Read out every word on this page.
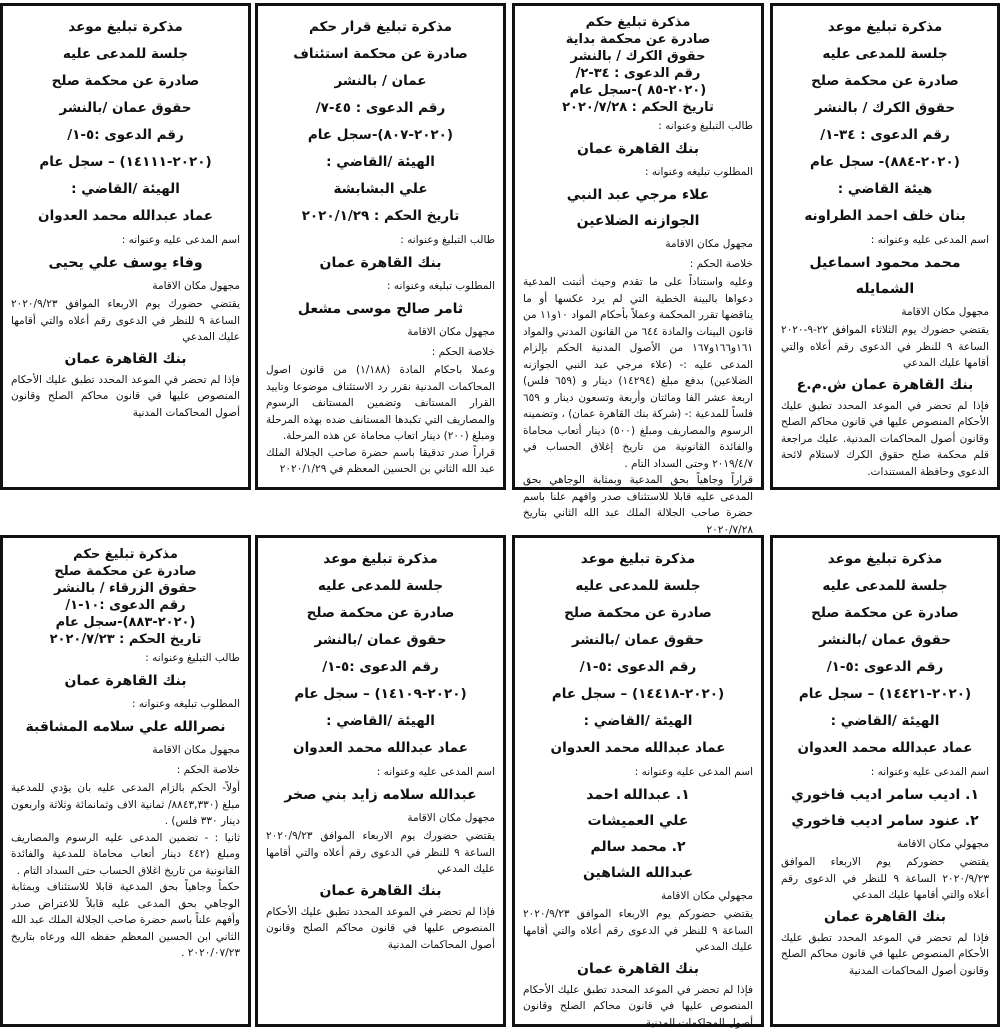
مذكرة تبليغ موعد
جلسة للمدعى عليه
صادرة عن محكمة صلح
حقوق الكرك / بالنشر
رقم الدعوى : ٣٤-١/
(٢٠٢٠-٨٨٤)- سجل عام
هيئة القاضي :
بنان خلف احمد الطراونه
اسم المدعى عليه وعنوانه :
محمد محمود اسماعيل
الشمايله
مجهول مكان الاقامة
يقتضي حضورك يوم الثلاثاء الموافق ٢٢-٩-٢٠٢٠ الساعة ٩ للنظر في الدعوى رقم أعلاه والتي أقامها عليك المدعي
بنك القاهرة عمان ش.م.ع
فإذا لم تحضر في الموعد المحدد تطبق عليك الأحكام المنصوص عليها في قانون محاكم الصلح وقانون أصول المحاكمات المدنية. عليك مراجعة قلم محكمة صلح حقوق الكرك لاستلام لائحة الدعوى وحافظة المستندات.
مذكرة تبليغ حكم
صادرة عن محكمة بداية
حقوق الكرك / بالنشر
رقم الدعوى : ٣٤-٢/
(٢٠٢٠-٨٥ )-سجل عام
تاريخ الحكم : ٢٠٢٠/٧/٢٨
طالب التبليغ وعنوانه :
بنك القاهرة عمان
المطلوب تبليغه وعنوانه :
علاء مرجي عبد النبي
الجوازنه الضلاعين
مجهول مكان الاقامة
خلاصة الحكم :
وعليه واستناداً على ما تقدم وحيث أثبتت المدعية دعواها بالبينة الخطية التي لم يرد عكسها أو ما يناقضها تقرر المحكمة وعملاً بأحكام المواد ١٠و١١ من قانون البينات والمادة ٦٤٤ من القانون المدني والمواد ١٦١و١٦٦و١٦٧ من الأصول المدنية الحكم بإلزام المدعى عليه :- (علاء مرجي عبد النبي الجوازنه الضلاعين) بدفع مبلغ (١٤٢٩٤) دينار و (٦٥٩ فلس) اربعة عشر الفا ومائتان وأربعة وتسعون دينار و ٦٥٩ فلساً للمدعية :- (شركة بنك القاهرة عمان) ، وتضمينه الرسوم والمصاريف ومبلغ (٥٠٠) دينار أتعاب محاماة والفائدة القانونية من تاريخ إغلاق الحساب في ٢٠١٩/٤/٧ وحتى السداد التام .
قراراً وجاهياً بحق المدعية وبمثابة الوجاهي بحق المدعى عليه قابلا للاستئناف صدر وافهم علنا باسم حضرة صاحب الجلالة الملك عبد الله الثاني بتاريخ ٢٠٢٠/٧/٢٨
مذكرة تبليغ قرار حكم
صادرة عن محكمة استئناف
عمان / بالنشر
رقم الدعوى : ٤٥-٧/
(٢٠٢٠-٨٠٧)-سجل عام
الهيئة /القاضي :
علي البشابشة
تاريخ الحكم : ٢٠٢٠/١/٢٩
طالب التبليغ وعنوانه :
بنك القاهرة عمان
المطلوب تبليغه وعنوانه :
ثامر صالح موسى مشعل
مجهول مكان الاقامة
خلاصة الحكم :
وعملا باحكام المادة (١/١٨٨) من قانون اصول المحاكمات المدنية نقرر رد الاستئناف موضوعا وتاييد القرار المستانف وتضمين المستانف الرسوم والمصاريف التي تكبدها المستانف ضده بهذه المرحلة ومبلغ (٢٠٠) دينار اتعاب محاماة عن هذه المرحلة.
قراراً صدر تدقيقا باسم حضرة صاحب الجلالة الملك عبد الله الثاني بن الحسين المعظم في ٢٠٢٠/١/٢٩
مذكرة تبليغ موعد
جلسة للمدعى عليه
صادرة عن محكمة صلح
حقوق عمان /بالنشر
رقم الدعوى :٥-١/
(٢٠٢٠-١٤١١١) – سجل عام
الهيئة /القاضي :
عماد عبدالله محمد العدوان
اسم المدعى عليه وعنوانه :
وفاء يوسف علي يحيى
مجهول مكان الاقامة
يقتضي حضورك يوم الاربعاء الموافق ٢٠٢٠/٩/٢٣ الساعة ٩ للنظر في الدعوى رقم أعلاه والتي أقامها عليك المدعي
بنك القاهرة عمان
فإذا لم تحضر في الموعد المحدد تطبق عليك الأحكام المنصوص عليها في قانون محاكم الصلح وقانون أصول المحاكمات المدنية
مذكرة تبليغ موعد
جلسة للمدعى عليه
صادرة عن محكمة صلح
حقوق عمان /بالنشر
رقم الدعوى :٥-١/
(٢٠٢٠-١٤٤٢١) – سجل عام
الهيئة /القاضي :
عماد عبدالله محمد العدوان
اسم المدعى عليه وعنوانه :
١. اديب سامر اديب فاخوري
٢. عنود سامر اديب فاخوري
مجهولي مكان الاقامة
يقتضي حضوركم يوم الاربعاء الموافق ٢٠٢٠/٩/٢٣ الساعة ٩ للنظر في الدعوى رقم أعلاه والتي أقامها عليك المدعي
بنك القاهرة عمان
فإذا لم تحضر في الموعد المحدد تطبق عليك الأحكام المنصوص عليها في قانون محاكم الصلح وقانون أصول المحاكمات المدنية
مذكرة تبليغ موعد
جلسة للمدعى عليه
صادرة عن محكمة صلح
حقوق عمان /بالنشر
رقم الدعوى :٥-١/
(٢٠٢٠-١٤٤١٨) – سجل عام
الهيئة /القاضي :
عماد عبدالله محمد العدوان
اسم المدعى عليه وعنوانه :
١. عبدالله احمد
علي العميشات
٢. محمد سالم
عبدالله الشاهين
مجهولي مكان الاقامة
يقتضي حضوركم يوم الاربعاء الموافق ٢٠٢٠/٩/٢٣ الساعة ٩ للنظر في الدعوى رقم أعلاه والتي أقامها عليك المدعي
بنك القاهرة عمان
فإذا لم تحضر في الموعد المحدد تطبق عليك الأحكام المنصوص عليها في قانون محاكم الصلح وقانون أصول المحاكمات المدنية
مذكرة تبليغ موعد
جلسة للمدعى عليه
صادرة عن محكمة صلح
حقوق عمان /بالنشر
رقم الدعوى :٥-١/
(٢٠٢٠-١٤١٠٩) – سجل عام
الهيئة /القاضي :
عماد عبدالله محمد العدوان
اسم المدعى عليه وعنوانه :
عبدالله سلامه زايد بني صخر
مجهول مكان الاقامة
يقتضي حضورك يوم الاربعاء الموافق ٢٠٢٠/٩/٢٣ الساعة ٩ للنظر في الدعوى رقم أعلاه والتي أقامها عليك المدعي
بنك القاهرة عمان
فإذا لم تحضر في الموعد المحدد تطبق عليك الأحكام المنصوص عليها في قانون محاكم الصلح وقانون أصول المحاكمات المدنية
مذكرة تبليغ حكم
صادرة عن محكمة صلح
حقوق الزرقاء / بالنشر
رقم الدعوى :١٠-١/
(٢٠٢٠-٨٨٣)-سجل عام
تاريخ الحكم : ٢٠٢٠/٧/٢٣
طالب التبليغ وعنوانه :
بنك القاهرة عمان
المطلوب تبليغه وعنوانه :
نصرالله علي سلامه المشاقبة
مجهول مكان الاقامة
خلاصة الحكم :
أولاً- الحكم بالزام المدعى عليه بان يؤدي للمدعية مبلغ (٨٨٤٣,٣٣٠/ ثمانية الاف وثمانمائة وثلاثة واربعون دينار ٣٣٠ فلس) .
ثانيا : - تضمين المدعى عليه الرسوم والمصاريف ومبلغ (٤٤٢ دينار أتعاب محاماة للمدعية والفائدة القانونية من تاريخ اغلاق الحساب حتى السداد التام .
حكماً وجاهياً بحق المدعية قابلا للاستئناف وبمثابة الوجاهي بحق المدعى عليه قابلاً للاعتراض صدر وأفهم علناً باسم حضرة صاحب الجلالة الملك عبد الله الثاني ابن الحسين المعظم حفظه الله ورعاه بتاريخ ٢٠٢٠/٠٧/٢٣ .
